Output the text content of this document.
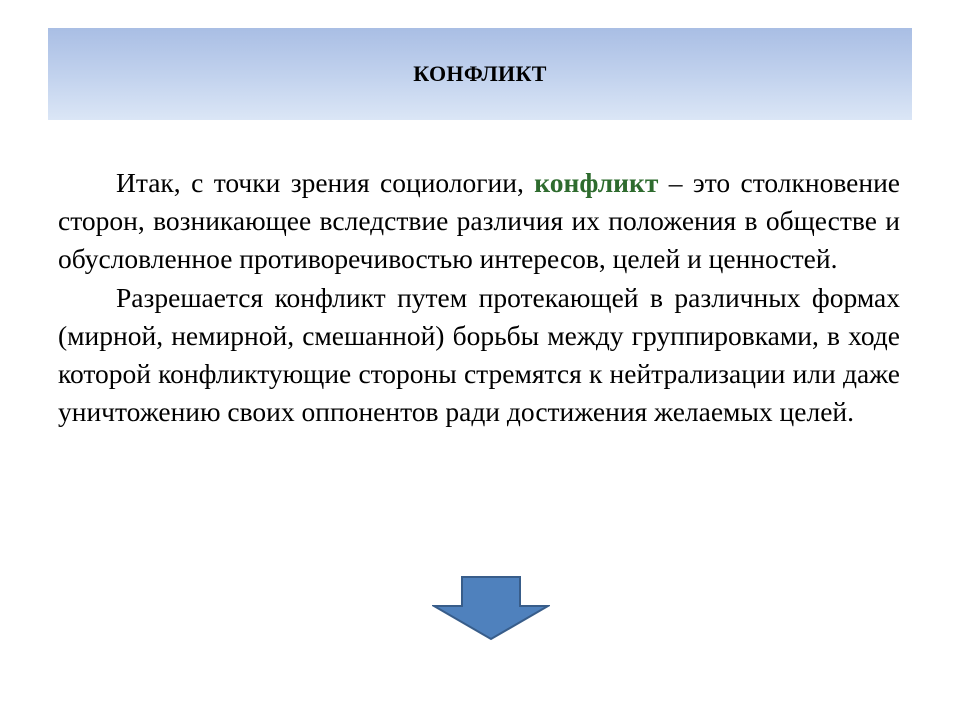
КОНФЛИКТ

Итак, с точки зрения социологии, конфликт – это столкновение сторон, возникающее вследствие различия их положения в обществе и обусловленное противоречивостью интересов, целей и ценностей.

Разрешается конфликт путем протекающей в различных формах (мирной, немирной, смешанной) борьбы между группировками, в ходе которой конфликтующие стороны стремятся к нейтрализации или даже уничтожению своих оппонентов ради достижения желаемых целей.
